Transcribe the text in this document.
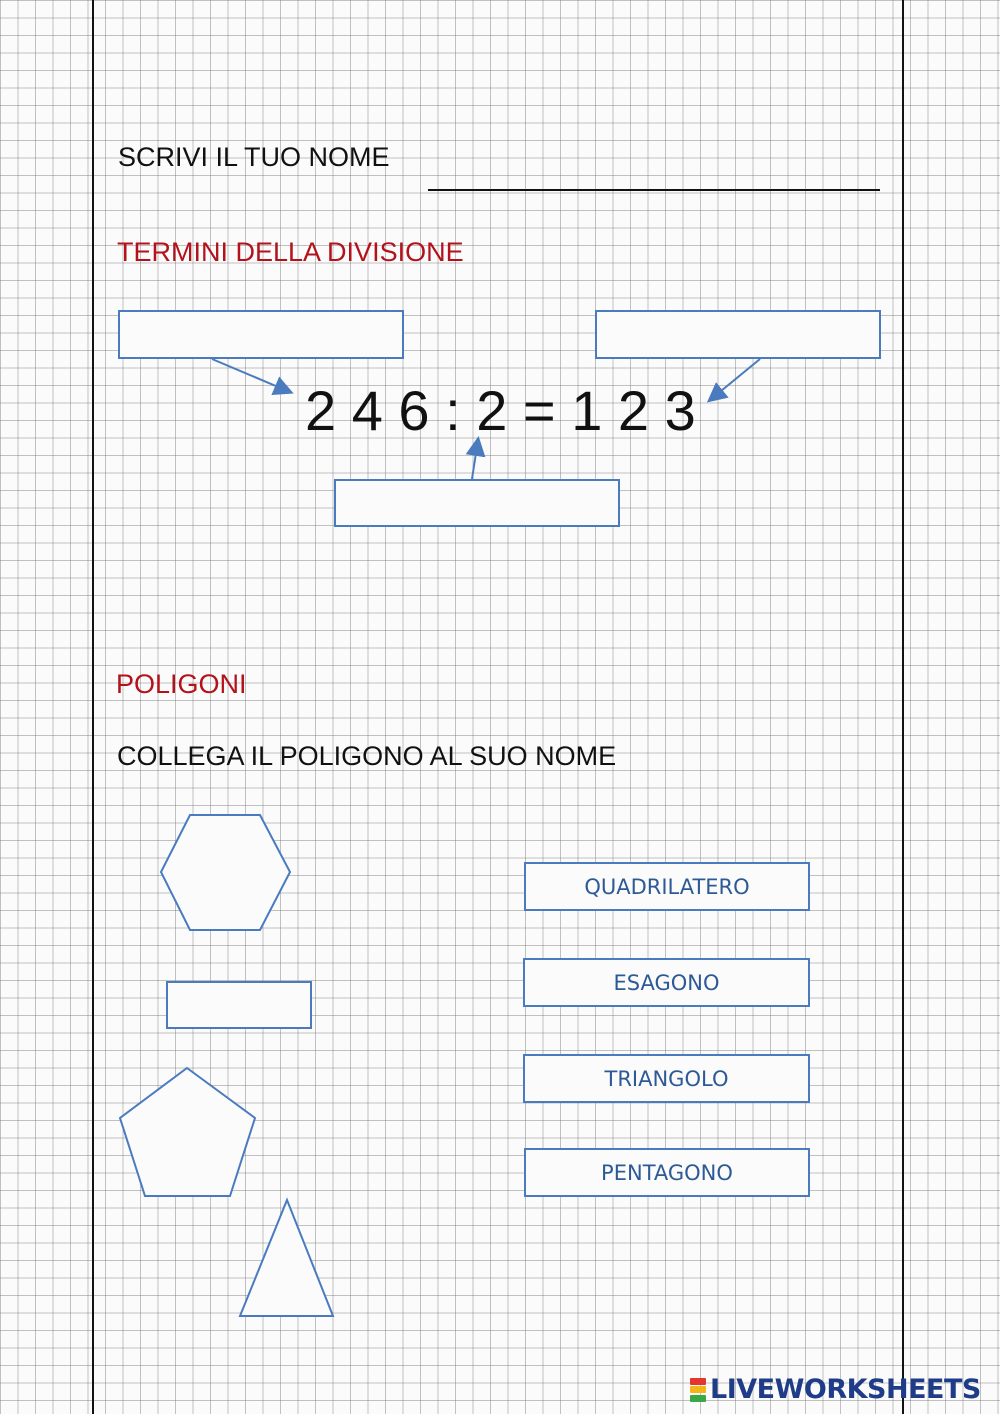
SCRIVI IL TUO NOME
TERMINI DELLA DIVISIONE
2 4 6 : 2 = 1 2 3
POLIGONI
COLLEGA IL POLIGONO AL SUO NOME
QUADRILATERO
ESAGONO
TRIANGOLO
PENTAGONO
LIVEWORKSHEETS
